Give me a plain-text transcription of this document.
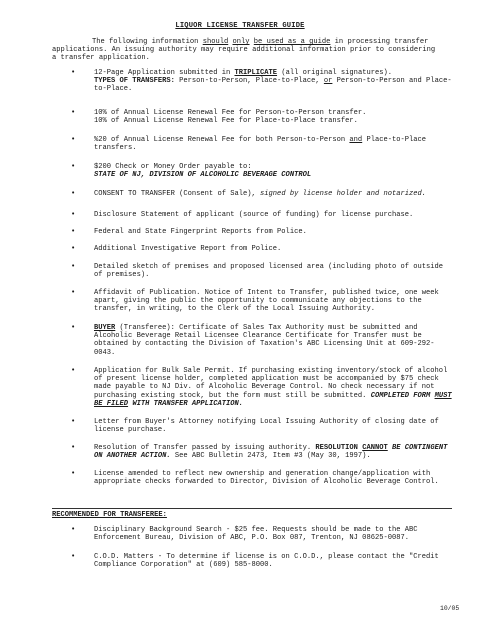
LIQUOR LICENSE TRANSFER GUIDE
The following information should only be used as a guide in processing transfer applications. An issuing authority may require additional information prior to considering a transfer application.
•	12-Page Application submitted in TRIPLICATE (all original signatures).
TYPES OF TRANSFERS: Person-to-Person, Place-to-Place, or Person-to-Person and Place-to-Place.
•	10% of Annual License Renewal Fee for Person-to-Person transfer.
10% of Annual License Renewal Fee for Place-to-Place transfer.
•	%20 of Annual License Renewal Fee for both Person-to-Person and Place-to-Place transfers.
•	$200 Check or Money Order payable to:
STATE OF NJ, DIVISION OF ALCOHOLIC BEVERAGE CONTROL
•	CONSENT TO TRANSFER (Consent of Sale), signed by license holder and notarized.
•	Disclosure Statement of applicant (source of funding) for license purchase.
•	Federal and State Fingerprint Reports from Police.
•	Additional Investigative Report from Police.
•	Detailed sketch of premises and proposed licensed area (including photo of outside of premises).
•	Affidavit of Publication. Notice of Intent to Transfer, published twice, one week apart, giving the public the opportunity to communicate any objections to the transfer, in writing, to the Clerk of the Local Issuing Authority.
•	BUYER (Transferee): Certificate of Sales Tax Authority must be submitted and Alcoholic Beverage Retail Licensee Clearance Certificate for Transfer must be obtained by contacting the Division of Taxation's ABC Licensing Unit at 609-292-0043.
•	Application for Bulk Sale Permit. If purchasing existing inventory/stock of alcohol of present license holder, completed application must be accompanied by $75 check made payable to NJ Div. of Alcoholic Beverage Control. No check necessary if not purchasing existing stock, but the form must still be submitted. COMPLETED FORM MUST BE FILED WITH TRANSFER APPLICATION.
•	Letter from Buyer's Attorney notifying Local Issuing Authority of closing date of license purchase.
•	Resolution of Transfer passed by issuing authority. RESOLUTION CANNOT BE CONTINGENT ON ANOTHER ACTION. See ABC Bulletin 2473, Item #3 (May 30, 1997).
•	License amended to reflect new ownership and generation change/application with appropriate checks forwarded to Director, Division of Alcoholic Beverage Control.
RECOMMENDED FOR TRANSFEREE:
•	Disciplinary Background Search - $25 fee. Requests should be made to the ABC Enforcement Bureau, Division of ABC, P.O. Box 087, Trenton, NJ 08625-0087.
•	C.O.D. Matters - To determine if license is on C.O.D., please contact the "Credit Compliance Corporation" at (609) 585-8000.
10/05
